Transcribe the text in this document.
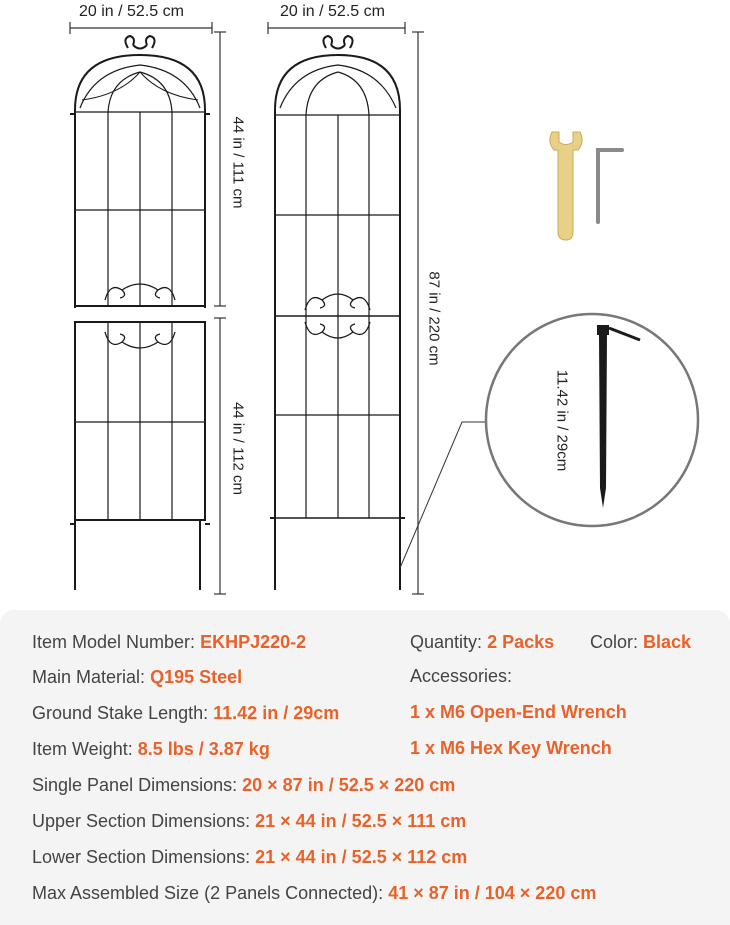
20 in / 52.5 cm	20 in / 52.5 cm
44 in / 111 cm
44 in / 112 cm
87 in / 220 cm
11.42 in / 29cm
Item Model Number: EKHPJ220-2	Quantity: 2 Packs Color: Black
Main Material: Q195 Steel	Accessories:
Ground Stake Length: 11.42 in / 29cm	1 x M6 Open-End Wrench
Item Weight: 8.5 lbs / 3.87 kg	1 x M6 Hex Key Wrench
Single Panel Dimensions: 20 × 87 in / 52.5 × 220 cm
Upper Section Dimensions: 21 × 44 in / 52.5 × 111 cm
Lower Section Dimensions: 21 × 44 in / 52.5 × 112 cm
Max Assembled Size (2 Panels Connected): 41 × 87 in / 104 × 220 cm
